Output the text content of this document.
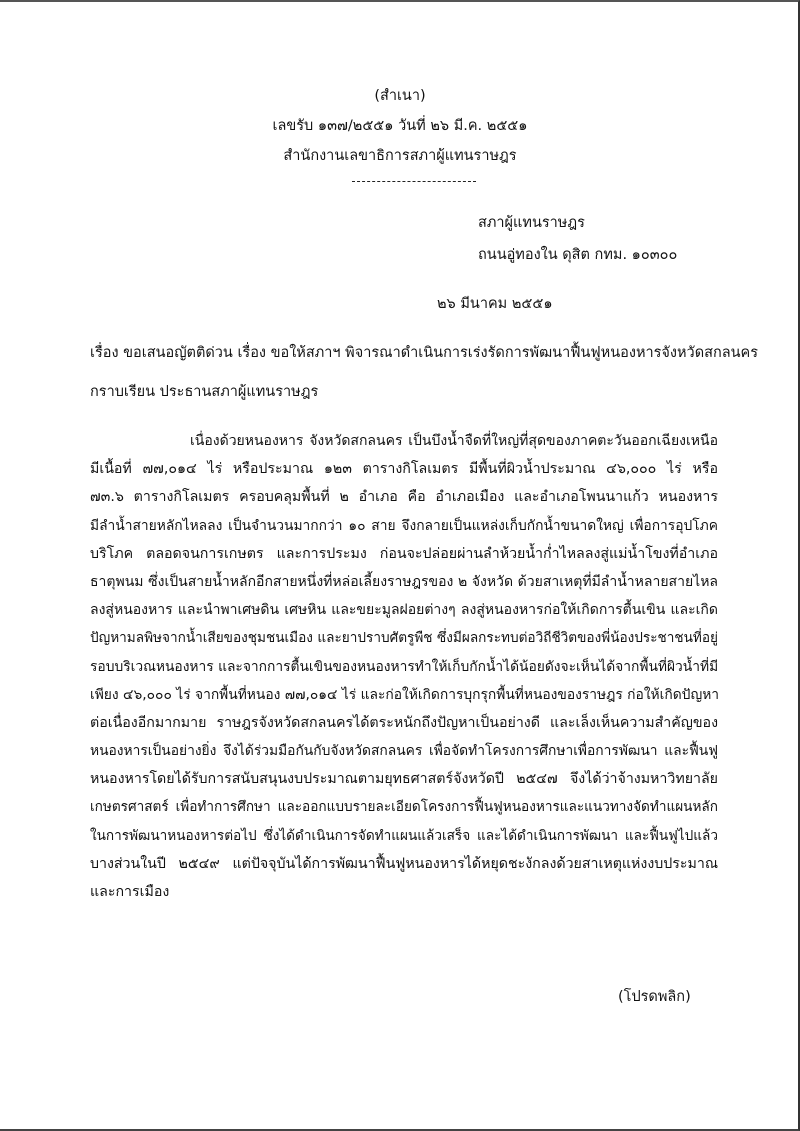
(สำเนา)
เลขรับ ๑๓๗/๒๕๕๑ วันที่ ๒๖ มี.ค. ๒๕๕๑
สำนักงานเลขาธิการสภาผู้แทนราษฎร
สภาผู้แทนราษฎร
ถนนอู่ทองใน ดุสิต กทม. ๑๐๓๐๐
๒๖ มีนาคม ๒๕๕๑
เรื่อง ขอเสนอญัตติด่วน เรื่อง ขอให้สภาฯ พิจารณาดำเนินการเร่งรัดการพัฒนาฟื้นฟูหนองหารจังหวัดสกลนคร
กราบเรียน ประธานสภาผู้แทนราษฎร
เนื่องด้วยหนองหาร จังหวัดสกลนคร เป็นบึงน้ำจืดที่ใหญ่ที่สุดของภาคตะวันออกเฉียงเหนือ
มีเนื้อที่ ๗๗,๐๑๔ ไร่ หรือประมาณ ๑๒๓ ตารางกิโลเมตร มีพื้นที่ผิวน้ำประมาณ ๔๖,๐๐๐ ไร่ หรือ
๗๓.๖ ตารางกิโลเมตร ครอบคลุมพื้นที่ ๒ อำเภอ คือ อำเภอเมือง และอำเภอโพนนาแก้ว หนองหาร
มีลำน้ำสายหลักไหลลง เป็นจำนวนมากกว่า ๑๐ สาย จึงกลายเป็นแหล่งเก็บกักน้ำขนาดใหญ่ เพื่อการอุปโภค
บริโภค ตลอดจนการเกษตร และการประมง ก่อนจะปล่อยผ่านลำห้วยน้ำก่ำไหลลงสู่แม่น้ำโขงที่อำเภอ
ธาตุพนม ซึ่งเป็นสายน้ำหลักอีกสายหนึ่งที่หล่อเลี้ยงราษฎรของ ๒ จังหวัด ด้วยสาเหตุที่มีลำน้ำหลายสายไหล
ลงสู่หนองหาร และนำพาเศษดิน เศษหิน และขยะมูลฝอยต่างๆ ลงสู่หนองหารก่อให้เกิดการตื้นเขิน และเกิด
ปัญหามลพิษจากน้ำเสียของชุมชนเมือง และยาปราบศัตรูพืช ซึ่งมีผลกระทบต่อวิถีชีวิตของพี่น้องประชาชนที่อยู่
รอบบริเวณหนองหาร และจากการตื้นเขินของหนองหารทำให้เก็บกักน้ำได้น้อยดังจะเห็นได้จากพื้นที่ผิวน้ำที่มี
เพียง ๔๖,๐๐๐ ไร่ จากพื้นที่หนอง ๗๗,๐๑๔ ไร่ และก่อให้เกิดการบุกรุกพื้นที่หนองของราษฎร ก่อให้เกิดปัญหา
ต่อเนื่องอีกมากมาย ราษฎรจังหวัดสกลนครได้ตระหนักถึงปัญหาเป็นอย่างดี และเล็งเห็นความสำคัญของ
หนองหารเป็นอย่างยิ่ง จึงได้ร่วมมือกันกับจังหวัดสกลนคร เพื่อจัดทำโครงการศึกษาเพื่อการพัฒนา และฟื้นฟู
หนองหารโดยได้รับการสนับสนุนงบประมาณตามยุทธศาสตร์จังหวัดปี ๒๕๔๗ จึงได้ว่าจ้างมหาวิทยาลัย
เกษตรศาสตร์ เพื่อทำการศึกษา และออกแบบรายละเอียดโครงการฟื้นฟูหนองหารและแนวทางจัดทำแผนหลัก
ในการพัฒนาหนองหารต่อไป ซึ่งได้ดำเนินการจัดทำแผนแล้วเสร็จ และได้ดำเนินการพัฒนา และฟื้นฟูไปแล้ว
บางส่วนในปี ๒๕๔๙ แต่ปัจจุบันได้การพัฒนาฟื้นฟูหนองหารได้หยุดชะงักลงด้วยสาเหตุแห่งงบประมาณ
และการเมือง
(โปรดพลิก)
